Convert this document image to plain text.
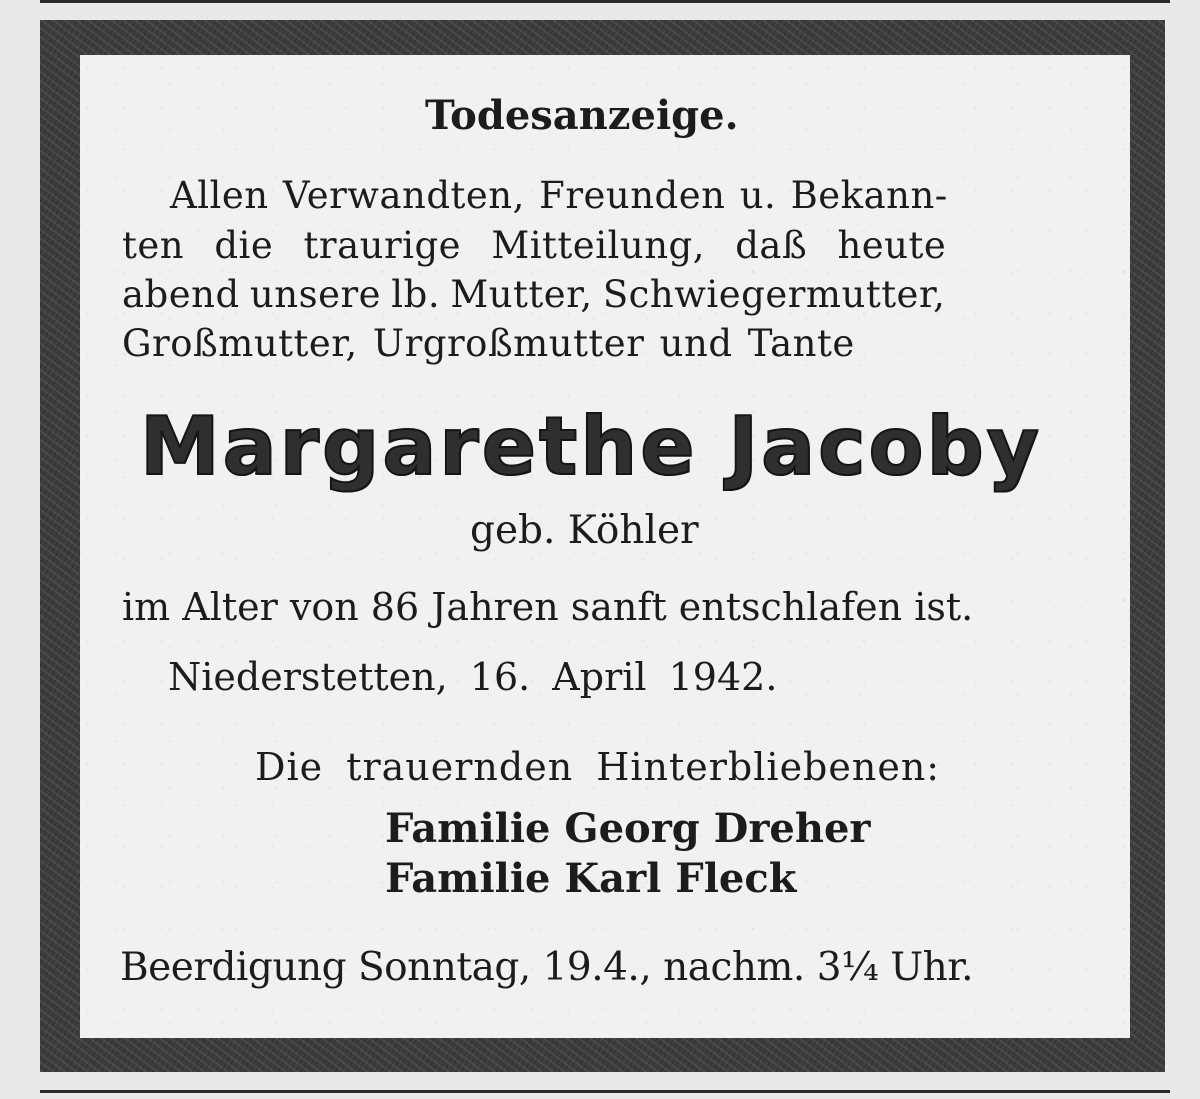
Todesanzeige.
Allen Verwandten, Freunden u. Bekann-
ten die traurige Mitteilung, daß heute
abend unsere lb. Mutter, Schwiegermutter,
Großmutter, Urgroßmutter und Tante
Margarethe Jacoby
geb. Köhler
im Alter von 86 Jahren sanft entschlafen ist.
Niederstetten, 16. April 1942.
Die trauernden Hinterbliebenen:
Familie Georg Dreher
Familie Karl Fleck
Beerdigung Sonntag, 19.4., nachm. 3¼ Uhr.
